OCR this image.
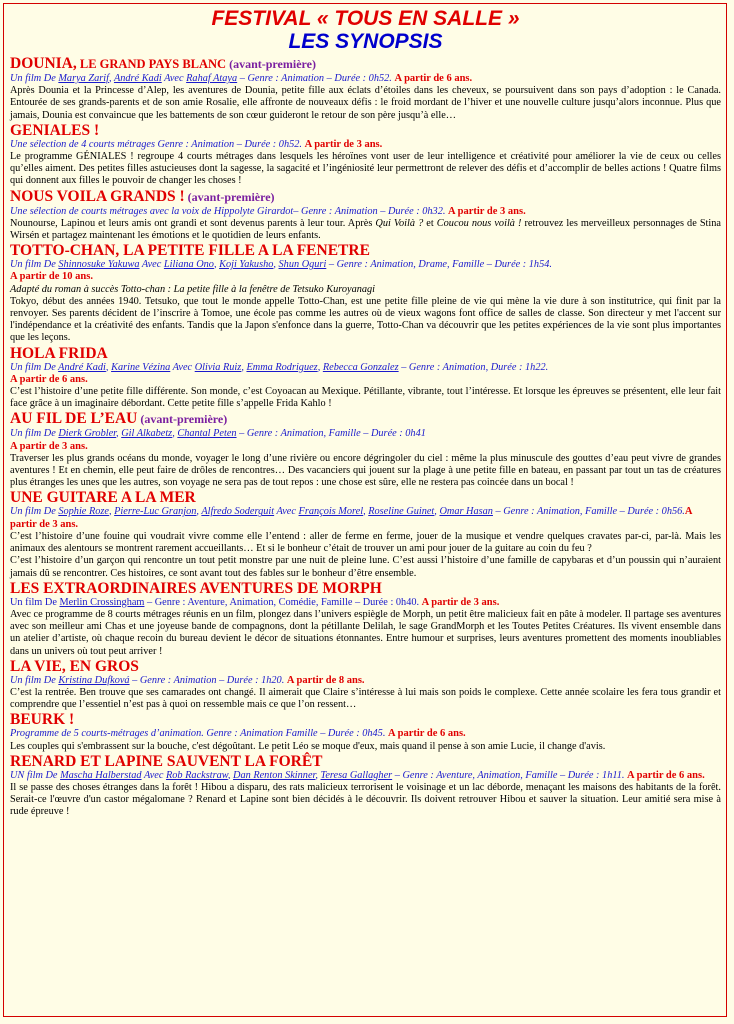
FESTIVAL « TOUS EN SALLE »
LES SYNOPSIS
DOUNIA, LE GRAND PAYS BLANC (avant-première)
Un film De Marya Zarif, André Kadi Avec Rahaf Ataya – Genre : Animation – Durée : 0h52. A partir de 6 ans.
Après Dounia et la Princesse d’Alep, les aventures de Dounia, petite fille aux éclats d’étoiles dans les cheveux, se poursuivent dans son pays d’adoption : le Canada. Entourée de ses grands-parents et de son amie Rosalie, elle affronte de nouveaux défis : le froid mordant de l’hiver et une nouvelle culture jusqu’alors inconnue. Plus que jamais, Dounia est convaincue que les battements de son cœur guideront le retour de son père jusqu’à elle…
GENIALES !
Une sélection de 4 courts métrages Genre : Animation – Durée : 0h52. A partir de 3 ans.
Le programme GÉNIALES ! regroupe 4 courts métrages dans lesquels les héroïnes vont user de leur intelligence et créativité pour améliorer la vie de ceux ou celles qu’elles aiment. Des petites filles astucieuses dont la sagesse, la sagacité et l’ingéniosité leur permettront de relever des défis et d’accomplir de belles actions ! Quatre films qui donnent aux filles le pouvoir de changer les choses !
NOUS VOILA GRANDS ! (avant-première)
Une sélection de courts métrages avec la voix de Hippolyte Girardot– Genre : Animation – Durée : 0h32. A partir de 3 ans.
Nounourse, Lapinou et leurs amis ont grandi et sont devenus parents à leur tour. Après Qui Voilà ? et Coucou nous voilà ! retrouvez les merveilleux personnages de Stina Wirsén et partagez maintenant les émotions et le quotidien de leurs enfants.
TOTTO-CHAN, LA PETITE FILLE A LA FENETRE
Un film De Shinnosuke Yakuwa Avec Liliana Ono, Koji Yakusho, Shun Oguri – Genre : Animation, Drame, Famille – Durée : 1h54.
A partir de 10 ans.
Adapté du roman à succès Totto-chan : La petite fille à la fenêtre de Tetsuko Kuroyanagi
Tokyo, début des années 1940. Tetsuko, que tout le monde appelle Totto-Chan, est une petite fille pleine de vie qui mène la vie dure à son institutrice, qui finit par la renvoyer. Ses parents décident de l’inscrire à Tomoe, une école pas comme les autres où de vieux wagons font office de salles de classe. Son directeur y met l'accent sur l'indépendance et la créativité des enfants. Tandis que la Japon s'enfonce dans la guerre, Totto-Chan va découvrir que les petites expériences de la vie sont plus importantes que les leçons.
HOLA FRIDA
Un film De André Kadi, Karine Vézina Avec Olivia Ruiz, Emma Rodriguez, Rebecca Gonzalez – Genre : Animation, Durée : 1h22.
A partir de 6 ans.
C’est l’histoire d’une petite fille différente. Son monde, c’est Coyoacan au Mexique. Pétillante, vibrante, tout l’intéresse. Et lorsque les épreuves se présentent, elle leur fait face grâce à un imaginaire débordant. Cette petite fille s’appelle Frida Kahlo !
AU FIL DE L’EAU (avant-première)
Un film De Dierk Grobler, Gil Alkabetz, Chantal Peten – Genre : Animation, Famille – Durée : 0h41
A partir de 3 ans.
Traverser les plus grands océans du monde, voyager le long d’une rivière ou encore dégringoler du ciel : même la plus minuscule des gouttes d’eau peut vivre de grandes aventures ! Et en chemin, elle peut faire de drôles de rencontres… Des vacanciers qui jouent sur la plage à une petite fille en bateau, en passant par tout un tas de créatures plus étranges les unes que les autres, son voyage ne sera pas de tout repos : une chose est sûre, elle ne restera pas coincée dans un bocal !
UNE GUITARE A LA MER
Un film De Sophie Roze, Pierre-Luc Granjon, Alfredo Soderguit Avec François Morel, Roseline Guinet, Omar Hasan – Genre : Animation, Famille – Durée : 0h56.A partir de 3 ans.
C’est l’histoire d’une fouine qui voudrait vivre comme elle l’entend : aller de ferme en ferme, jouer de la musique et vendre quelques cravates par-ci, par-là. Mais les animaux des alentours se montrent rarement accueillants… Et si le bonheur c’était de trouver un ami pour jouer de la guitare au coin du feu ?
C’est l’histoire d’un garçon qui rencontre un tout petit monstre par une nuit de pleine lune. C’est aussi l’histoire d’une famille de capybaras et d’un poussin qui n’auraient jamais dû se rencontrer. Ces histoires, ce sont avant tout des fables sur le bonheur d’être ensemble.
LES EXTRAORDINAIRES AVENTURES DE MORPH
Un film De Merlin Crossingham – Genre : Aventure, Animation, Comédie, Famille – Durée : 0h40. A partir de 3 ans.
Avec ce programme de 8 courts métrages réunis en un film, plongez dans l’univers espiègle de Morph, un petit être malicieux fait en pâte à modeler. Il partage ses aventures avec son meilleur ami Chas et une joyeuse bande de compagnons, dont la pétillante Delilah, le sage GrandMorph et les Toutes Petites Créatures. Ils vivent ensemble dans un atelier d’artiste, où chaque recoin du bureau devient le décor de situations étonnantes. Entre humour et surprises, leurs aventures promettent des moments inoubliables dans un univers où tout peut arriver !
LA VIE, EN GROS
Un film De Kristina Dufková – Genre : Animation – Durée : 1h20. A partir de 8 ans.
C’est la rentrée. Ben trouve que ses camarades ont changé. Il aimerait que Claire s’intéresse à lui mais son poids le complexe. Cette année scolaire les fera tous grandir et comprendre que l’essentiel n’est pas à quoi on ressemble mais ce que l’on ressent…
BEURK !
Programme de 5 courts-métrages d’animation. Genre : Animation Famille – Durée : 0h45. A partir de 6 ans.
Les couples qui s'embrassent sur la bouche, c'est dégoûtant. Le petit Léo se moque d'eux, mais quand il pense à son amie Lucie, il change d'avis.
RENARD ET LAPINE SAUVENT LA FORÊT
UN film De Mascha Halberstad Avec Rob Rackstraw, Dan Renton Skinner, Teresa Gallagher – Genre : Aventure, Animation, Famille – Durée : 1h11. A partir de 6 ans.
Il se passe des choses étranges dans la forêt ! Hibou a disparu, des rats malicieux terrorisent le voisinage et un lac déborde, menaçant les maisons des habitants de la forêt. Serait-ce l'œuvre d'un castor mégalomane ? Renard et Lapine sont bien décidés à le découvrir. Ils doivent retrouver Hibou et sauver la situation. Leur amitié sera mise à rude épreuve !
